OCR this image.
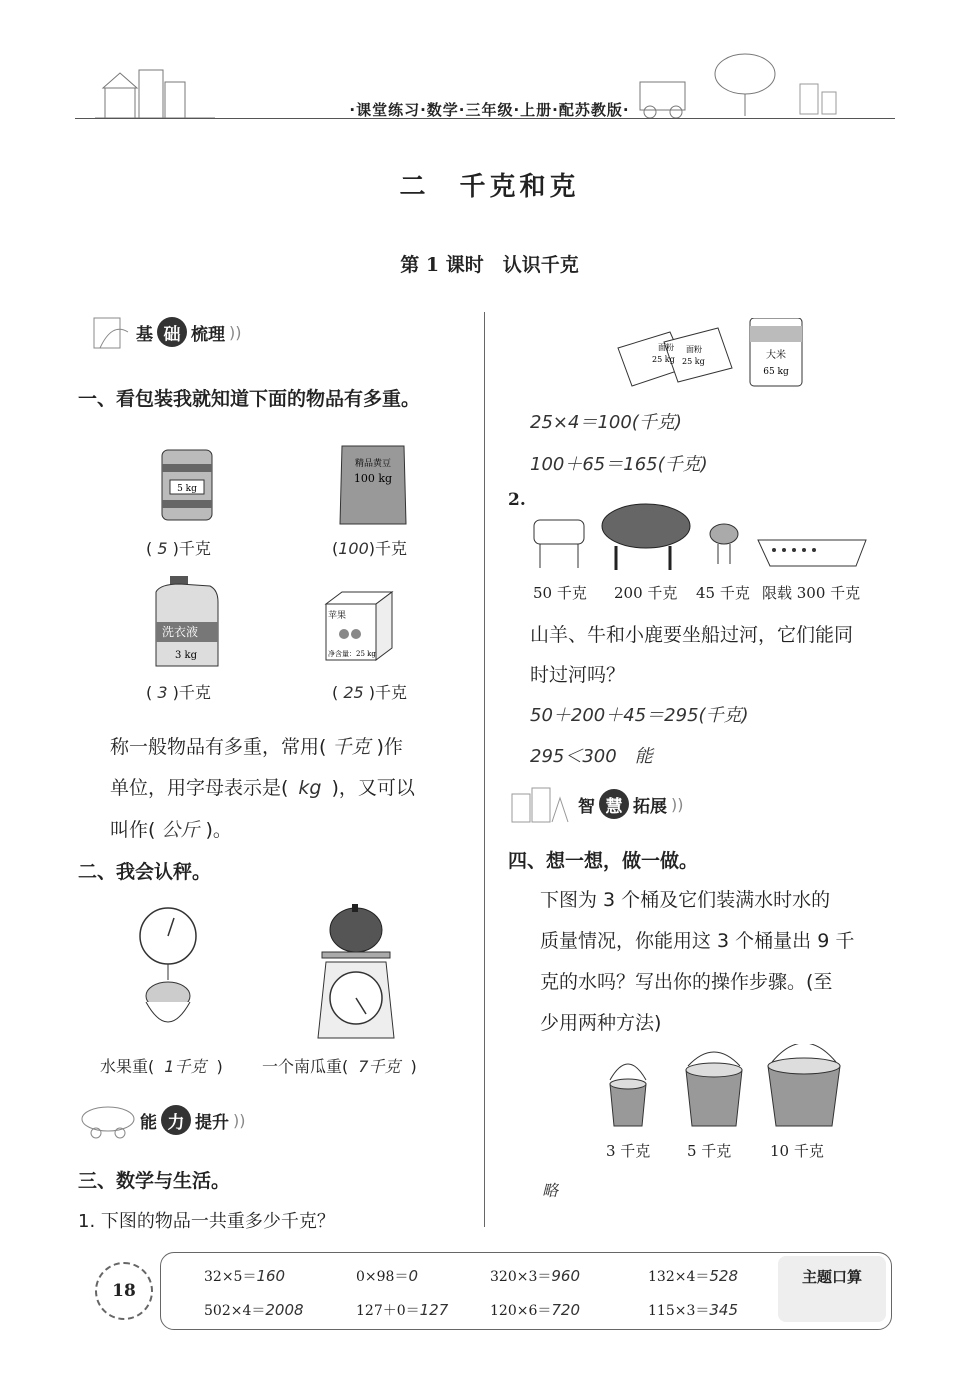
·课堂练习·数学·三年级·上册·配苏教版·
二　千克和克
第 1 课时　认识千克
基 础 梳理 ))
一、看包装我就知道下面的物品有多重。
5 kg
精品黄豆
100 kg
( 5 )千克	(100)千克
洗衣液
3 kg
苹果
净含量：25 kg
( 3 )千克	( 25 )千克
称一般物品有多重，常用( 千克 )作
单位，用字母表示是( kg )，又可以
叫作( 公斤 )。
二、我会认秤。
水果重( 1千克 ) 一个南瓜重( 7千克 )
能 力 提升 ))
三、数学与生活。
1. 下图的物品一共重多少千克？
面粉
25 kg
面粉
25 kg
大米
65 kg
25×4＝100(千克)
100＋65＝165(千克)
2.
50 千克 200 千克 45 千克 限载 300 千克
山羊、牛和小鹿要坐船过河，它们能同
时过河吗？
50＋200＋45＝295(千克)
295＜300　能
智 慧 拓展 ))
四、想一想，做一做。
下图为 3 个桶及它们装满水时水的
质量情况，你能用这 3 个桶量出 9 千
克的水吗？写出你的操作步骤。(至
少用两种方法)
3 千克 5 千克	10 千克
略
18
主题口算
32×5＝160	0×98＝0	320×3＝960	132×4＝528
502×4＝2008	127＋0＝127	120×6＝720	115×3＝345
